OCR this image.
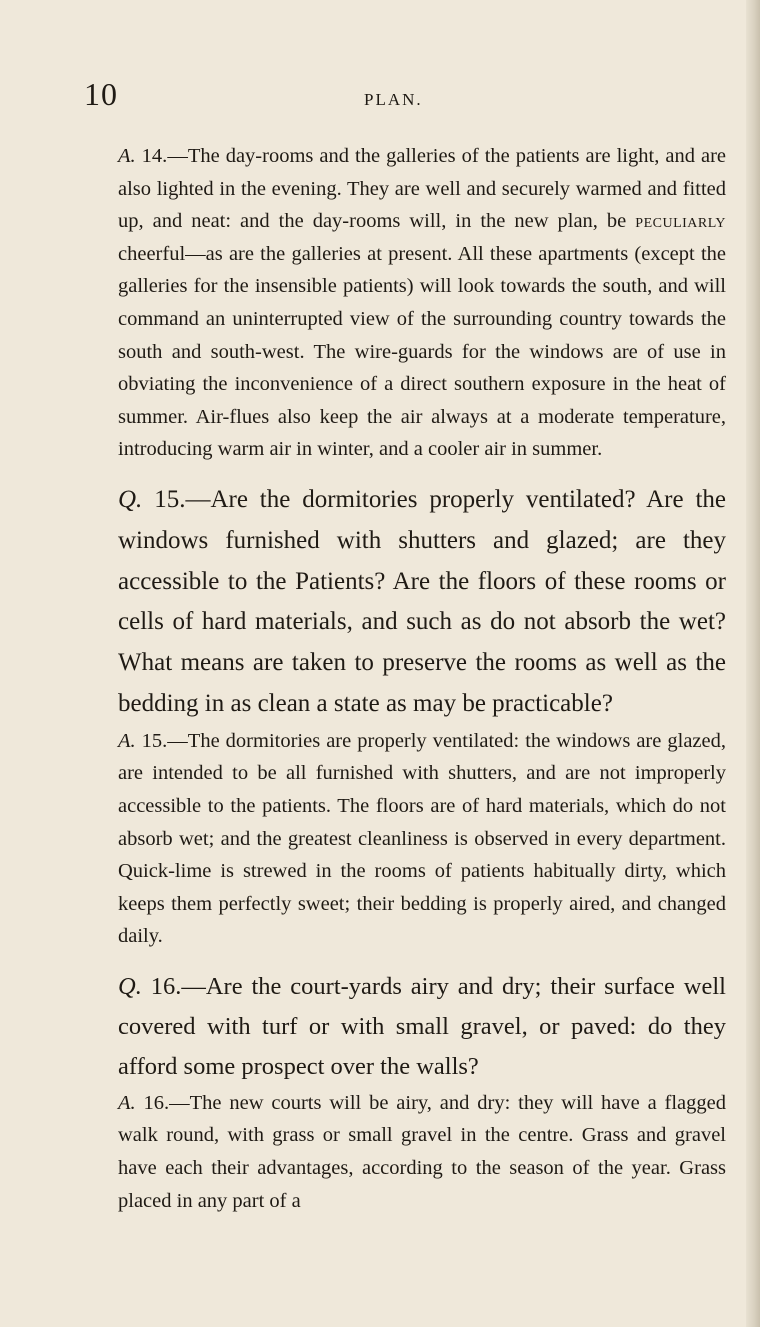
10	PLAN.

A. 14.—The day-rooms and the galleries of the patients are light, and are also lighted in the evening. They are well and securely warmed and fitted up, and neat: and the day-rooms will, in the new plan, be peculiarly cheerful—as are the galleries at present. All these apartments (except the galleries for the insensible patients) will look towards the south, and will command an uninterrupted view of the surrounding country towards the south and south-west. The wire-guards for the windows are of use in obviating the inconvenience of a direct southern exposure in the heat of summer. Air-flues also keep the air always at a moderate temperature, introducing warm air in winter, and a cooler air in summer.

Q. 15.—Are the dormitories properly ventilated? Are the windows furnished with shutters and glazed; are they accessible to the Patients? Are the floors of these rooms or cells of hard materials, and such as do not absorb the wet? What means are taken to preserve the rooms as well as the bedding in as clean a state as may be practicable?

A. 15.—The dormitories are properly ventilated: the windows are glazed, are intended to be all furnished with shutters, and are not improperly accessible to the patients. The floors are of hard materials, which do not absorb wet; and the greatest cleanliness is observed in every department. Quick-lime is strewed in the rooms of patients habitually dirty, which keeps them perfectly sweet; their bedding is properly aired, and changed daily.

Q. 16.—Are the court-yards airy and dry; their surface well covered with turf or with small gravel, or paved: do they afford some prospect over the walls?

A. 16.—The new courts will be airy, and dry: they will have a flagged walk round, with grass or small gravel in the centre. Grass and gravel have each their advantages, according to the season of the year. Grass placed in any part of a
